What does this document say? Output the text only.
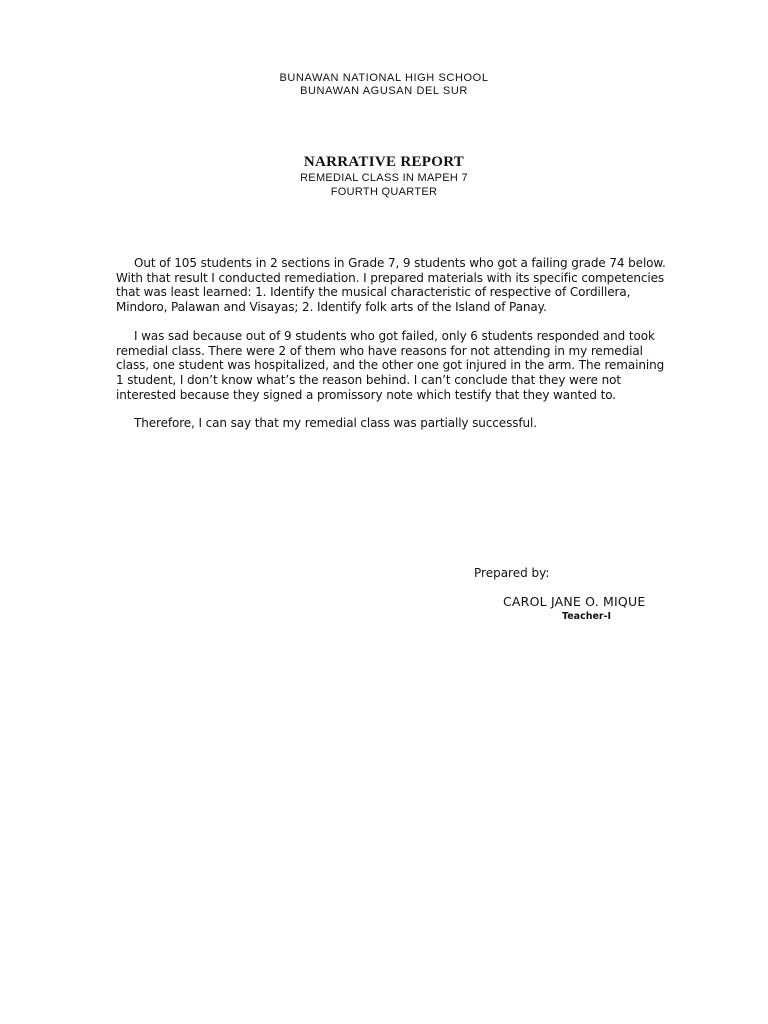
BUNAWAN NATIONAL HIGH SCHOOL
BUNAWAN AGUSAN DEL SUR
NARRATIVE REPORT
REMEDIAL CLASS IN MAPEH 7
FOURTH QUARTER

Out of 105 students in 2 sections in Grade 7, 9 students who got a failing grade 74 below. With that result I conducted remediation. I prepared materials with its specific competencies that was least learned: 1. Identify the musical characteristic of respective of Cordillera, Mindoro, Palawan and Visayas; 2. Identify folk arts of the Island of Panay.

I was sad because out of 9 students who got failed, only 6 students responded and took remedial class. There were 2 of them who have reasons for not attending in my remedial class, one student was hospitalized, and the other one got injured in the arm. The remaining 1 student, I don’t know what’s the reason behind. I can’t conclude that they were not interested because they signed a promissory note which testify that they wanted to.

Therefore, I can say that my remedial class was partially successful.

Prepared by:
CAROL JANE O. MIQUE
Teacher-I
